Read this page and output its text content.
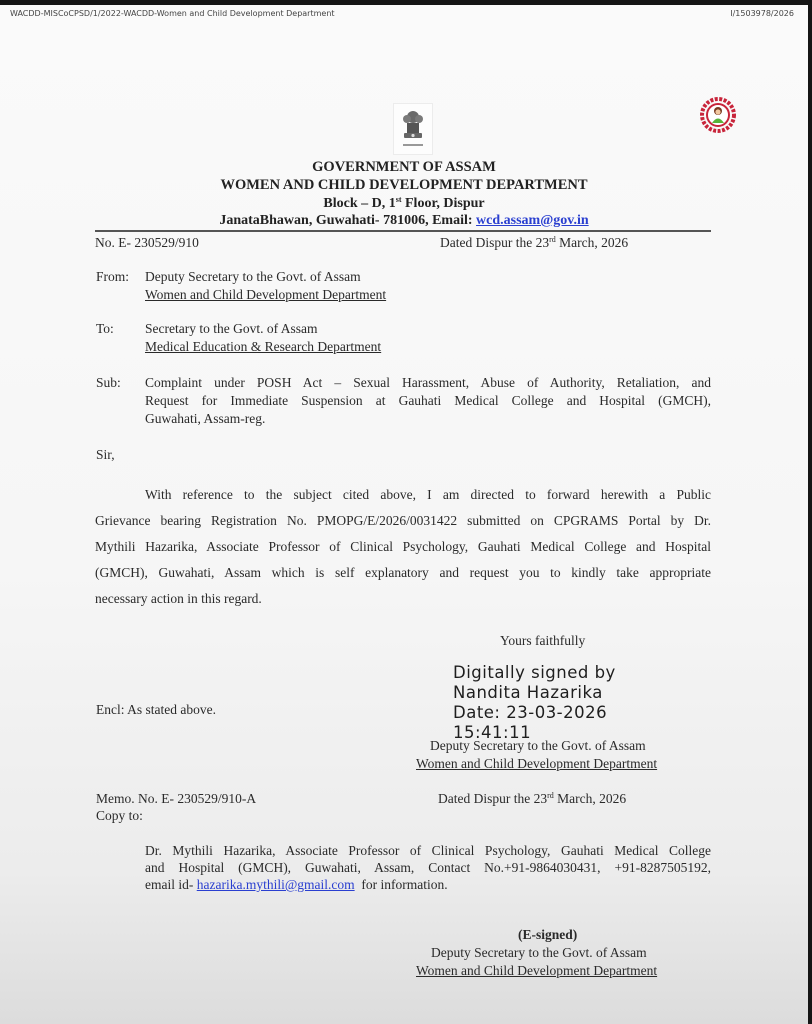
WACDD-MISCoCPSD/1/2022-WACDD-Women and Child Development Department	I/1503978/2026
GOVERNMENT OF ASSAM
WOMEN AND CHILD DEVELOPMENT DEPARTMENT
Block – D, 1st Floor, Dispur
JanataBhawan, Guwahati- 781006, Email: wcd.assam@gov.in
No. E- 230529/910	Dated Dispur the 23rd March, 2026
From: Deputy Secretary to the Govt. of Assam
Women and Child Development Department
To: Secretary to the Govt. of Assam
Medical Education & Research Department
Sub: Complaint under POSH Act – Sexual Harassment, Abuse of Authority, Retaliation, and
Request for Immediate Suspension at Gauhati Medical College and Hospital (GMCH),
Guwahati, Assam-reg.
Sir,
With reference to the subject cited above, I am directed to forward herewith a Public
Grievance bearing Registration No. PMOPG/E/2026/0031422 submitted on CPGRAMS Portal by Dr.
Mythili Hazarika, Associate Professor of Clinical Psychology, Gauhati Medical College and Hospital
(GMCH), Guwahati, Assam which is self explanatory and request you to kindly take appropriate
necessary action in this regard.
Yours faithfully
Digitally signed by
Nandita Hazarika
Date: 23-03-2026
15:41:11
Encl: As stated above.
Deputy Secretary to the Govt. of Assam
Women and Child Development Department
Memo. No. E- 230529/910-A	Dated Dispur the 23rd March, 2026
Copy to:
Dr. Mythili Hazarika, Associate Professor of Clinical Psychology, Gauhati Medical College
and Hospital (GMCH), Guwahati, Assam, Contact No.+91-9864030431, +91-8287505192,
email id- hazarika.mythili@gmail.com  for information.
(E-signed)
Deputy Secretary to the Govt. of Assam
Women and Child Development Department
